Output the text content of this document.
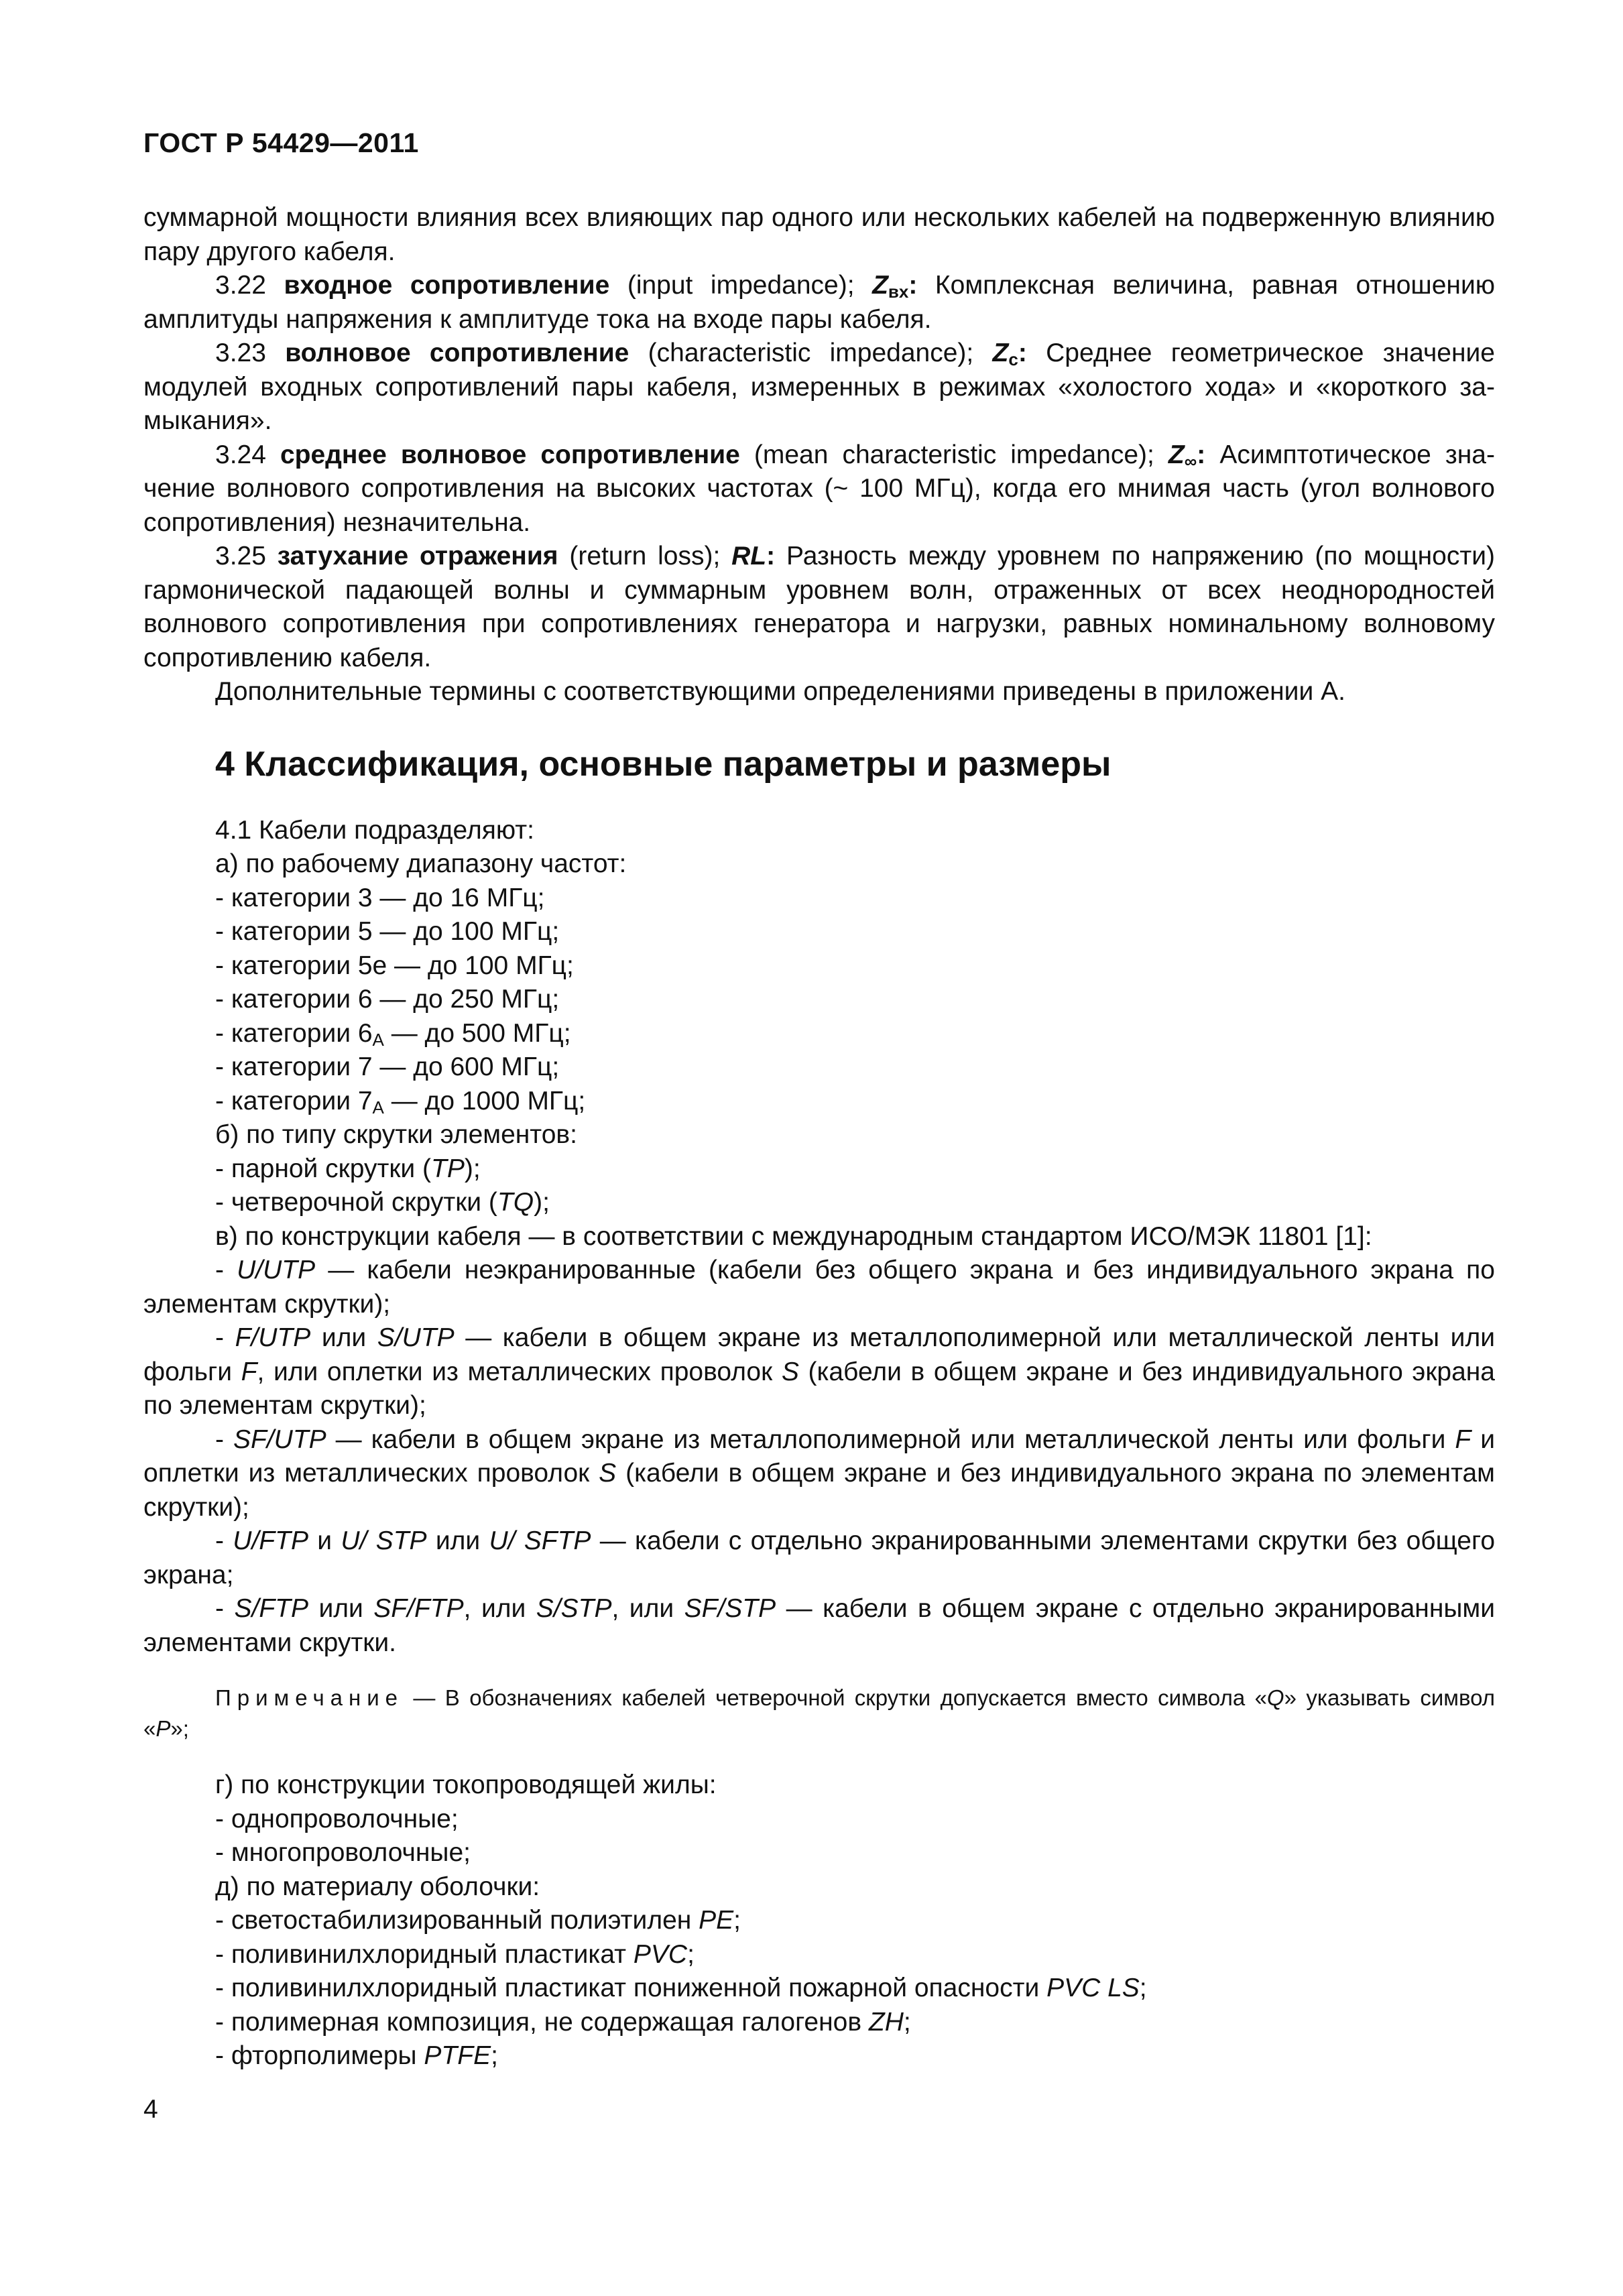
ГОСТ Р 54429—2011

суммарной мощности влияния всех влияющих пар одного или нескольких кабелей на подверженную влиянию пару другого кабеля.

3.22 входное сопротивление (input impedance); $Z_{вх}$: Комплексная величина, равная отношению амплитуды напряжения к амплитуде тока на входе пары кабеля.

3.23 волновое сопротивление (characteristic impedance); $Z_с$: Среднее геометрическое значение модулей входных сопротивлений пары кабеля, измеренных в режимах «холостого хода» и «короткого замыкания».

3.24 среднее волновое сопротивление (mean characteristic impedance); $Z_\infty$: Асимптотическое значение волнового сопротивления на высоких частотах (~ 100 МГц), когда его мнимая часть (угол волнового сопротивления) незначительна.

3.25 затухание отражения (return loss); RL: Разность между уровнем по напряжению (по мощности) гармонической падающей волны и суммарным уровнем волн, отраженных от всех неоднородностей волнового сопротивления при сопротивлениях генератора и нагрузки, равных номинальному волновому сопротивлению кабеля.

Дополнительные термины с соответствующими определениями приведены в приложении А.

4 Классификация, основные параметры и размеры

4.1 Кабели подразделяют:

а) по рабочему диапазону частот:

- категории 3 — до 16 МГц;

- категории 5 — до 100 МГц;

- категории 5е — до 100 МГц;

- категории 6 — до 250 МГц;

- категории $6_А$ — до 500 МГц;

- категории 7 — до 600 МГц;

- категории $7_А$ — до 1000 МГц;

б) по типу скрутки элементов:

- парной скрутки (TP);

- четверочной скрутки (TQ);

в) по конструкции кабеля — в соответствии с международным стандартом ИСО/МЭК 11801 [1]:

- U/UTP — кабели неэкранированные (кабели без общего экрана и без индивидуального экрана по элементам скрутки);

- F/UTP или S/UTP — кабели в общем экране из металлополимерной или металлической ленты или фольги F, или оплетки из металлических проволок S (кабели в общем экране и без индивидуального экрана по элементам скрутки);

- SF/UTP — кабели в общем экране из металлополимерной или металлической ленты или фольги F и оплетки из металлических проволок S (кабели в общем экране и без индивидуального экрана по элементам скрутки);

- U/FTP и U/ STP или U/ SFTP — кабели с отдельно экранированными элементами скрутки без общего экрана;

- S/FTP или SF/FTP, или S/STP, или SF/STP — кабели в общем экране с отдельно экранированными элементами скрутки.

Примечание — В обозначениях кабелей четверочной скрутки допускается вместо символа «Q» указывать символ «P»;

г) по конструкции токопроводящей жилы:

- однопроволочные;

- многопроволочные;

д) по материалу оболочки:

- светостабилизированный полиэтилен PE;

- поливинилхлоридный пластикат PVC;

- поливинилхлоридный пластикат пониженной пожарной опасности PVC LS;

- полимерная композиция, не содержащая галогенов ZH;

- фторполимеры PTFE;

4
